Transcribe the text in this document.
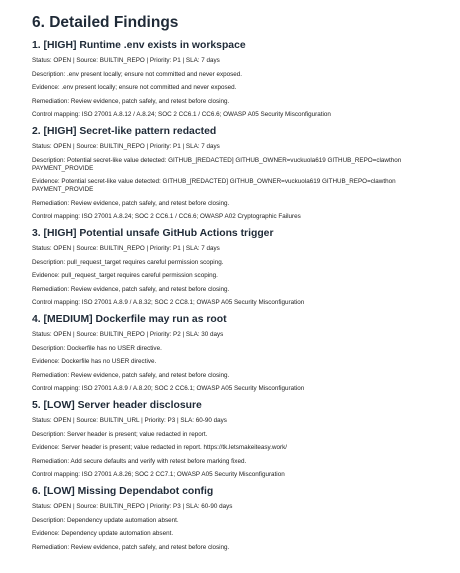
6. Detailed Findings
1. [HIGH] Runtime .env exists in workspace
Status: OPEN | Source: BUILTIN_REPO | Priority: P1 | SLA: 7 days
Description: .env present locally; ensure not committed and never exposed.
Evidence: .env present locally; ensure not committed and never exposed.
Remediation: Review evidence, patch safely, and retest before closing.
Control mapping: ISO 27001 A.8.12 / A.8.24; SOC 2 CC6.1 / CC6.6; OWASP A05 Security Misconfiguration
2. [HIGH] Secret-like pattern redacted
Status: OPEN | Source: BUILTIN_REPO | Priority: P1 | SLA: 7 days
Description: Potential secret-like value detected: GITHUB_[REDACTED] GITHUB_OWNER=vuckuola619 GITHUB_REPO=clawthon PAYMENT_PROVIDE
Evidence: Potential secret-like value detected: GITHUB_[REDACTED] GITHUB_OWNER=vuckuola619 GITHUB_REPO=clawthon PAYMENT_PROVIDE
Remediation: Review evidence, patch safely, and retest before closing.
Control mapping: ISO 27001 A.8.24; SOC 2 CC6.1 / CC6.6; OWASP A02 Cryptographic Failures
3. [HIGH] Potential unsafe GitHub Actions trigger
Status: OPEN | Source: BUILTIN_REPO | Priority: P1 | SLA: 7 days
Description: pull_request_target requires careful permission scoping.
Evidence: pull_request_target requires careful permission scoping.
Remediation: Review evidence, patch safely, and retest before closing.
Control mapping: ISO 27001 A.8.9 / A.8.32; SOC 2 CC8.1; OWASP A05 Security Misconfiguration
4. [MEDIUM] Dockerfile may run as root
Status: OPEN | Source: BUILTIN_REPO | Priority: P2 | SLA: 30 days
Description: Dockerfile has no USER directive.
Evidence: Dockerfile has no USER directive.
Remediation: Review evidence, patch safely, and retest before closing.
Control mapping: ISO 27001 A.8.9 / A.8.20; SOC 2 CC6.1; OWASP A05 Security Misconfiguration
5. [LOW] Server header disclosure
Status: OPEN | Source: BUILTIN_URL | Priority: P3 | SLA: 60-90 days
Description: Server header is present; value redacted in report.
Evidence: Server header is present; value redacted in report. https://tk.letsmakeiteasy.work/
Remediation: Add secure defaults and verify with retest before marking fixed.
Control mapping: ISO 27001 A.8.26; SOC 2 CC7.1; OWASP A05 Security Misconfiguration
6. [LOW] Missing Dependabot config
Status: OPEN | Source: BUILTIN_REPO | Priority: P3 | SLA: 60-90 days
Description: Dependency update automation absent.
Evidence: Dependency update automation absent.
Remediation: Review evidence, patch safely, and retest before closing.
